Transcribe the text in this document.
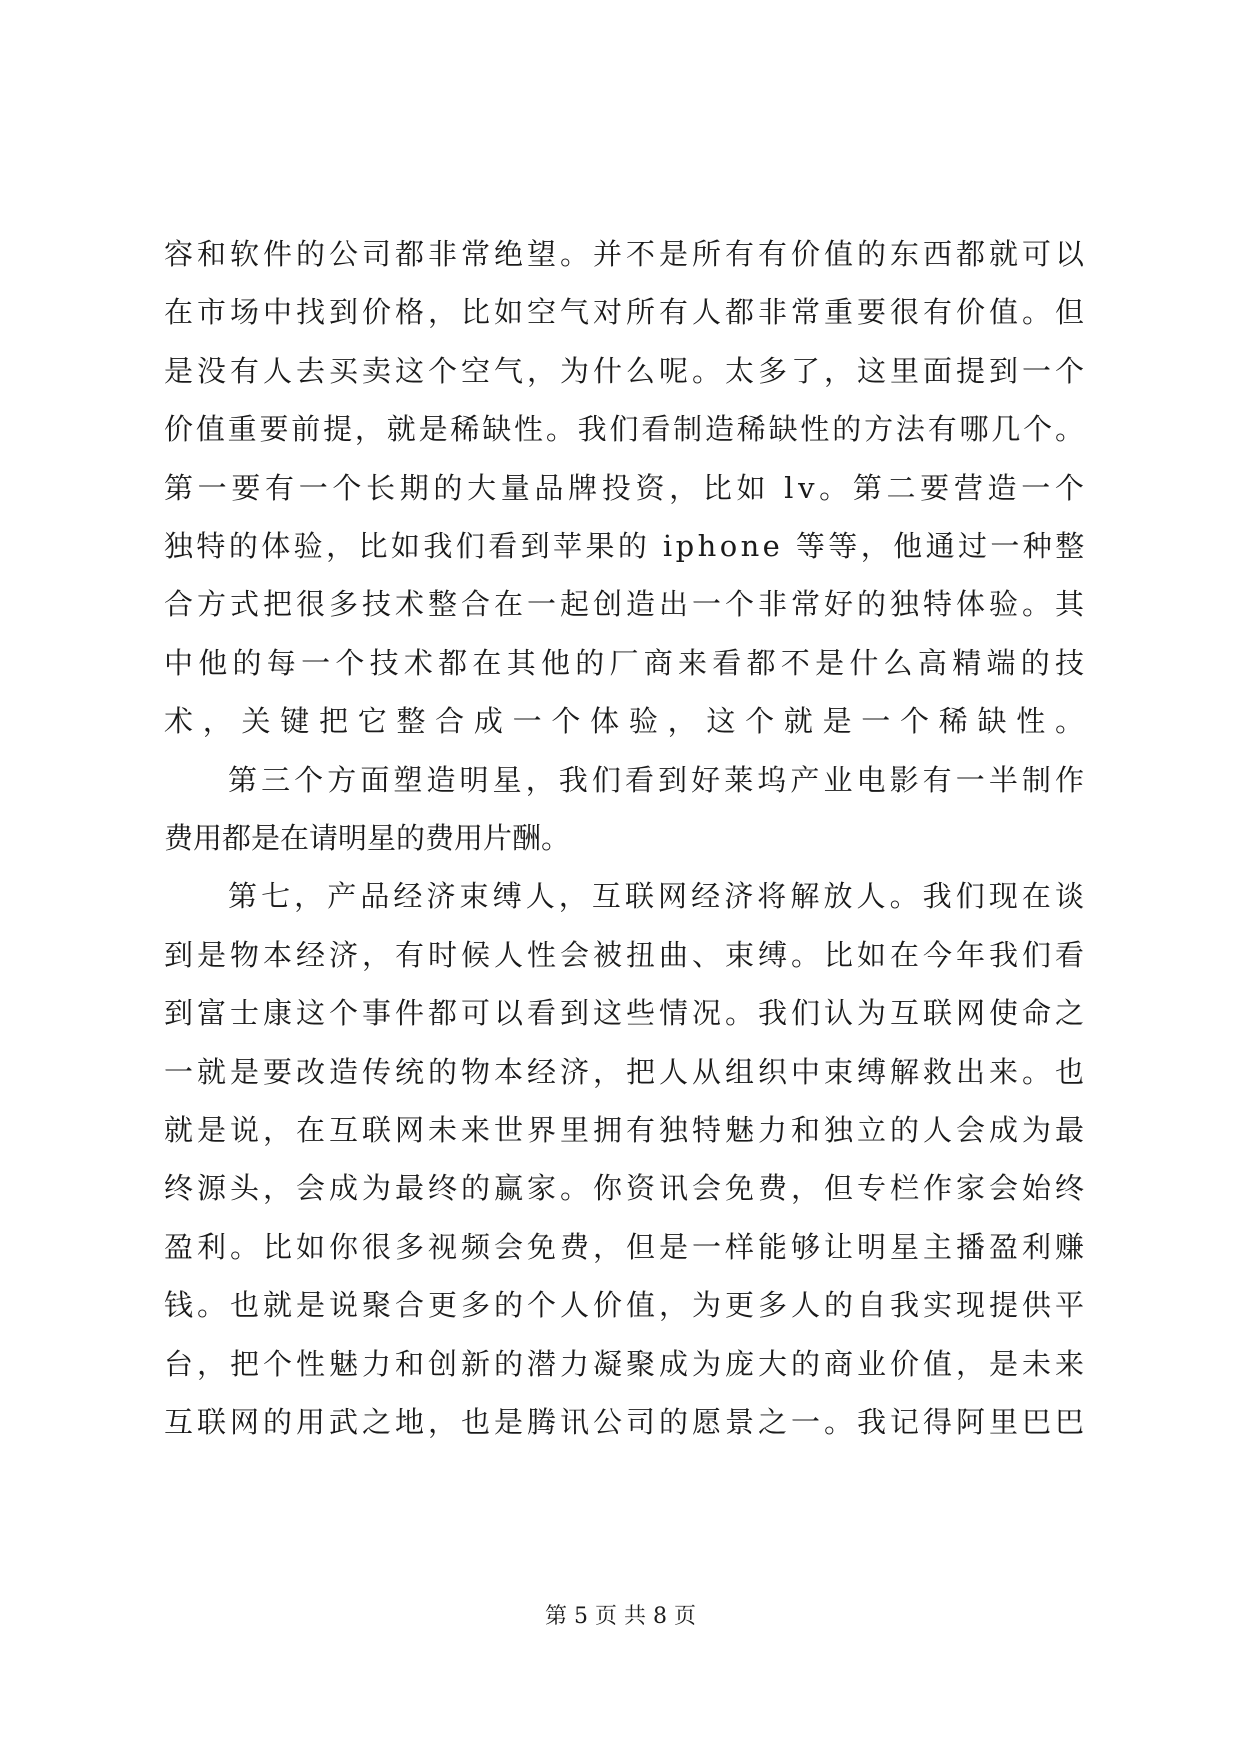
容和软件的公司都非常绝望。并不是所有有价值的东西都就可以
在市场中找到价格，比如空气对所有人都非常重要很有价值。但
是没有人去买卖这个空气，为什么呢。太多了，这里面提到一个
价值重要前提，就是稀缺性。我们看制造稀缺性的方法有哪几个。
第一要有一个长期的大量品牌投资，比如 lv。第二要营造一个
独特的体验，比如我们看到苹果的 iphone 等等，他通过一种整
合方式把很多技术整合在一起创造出一个非常好的独特体验。其
中他的每一个技术都在其他的厂商来看都不是什么高精端的技
术，关键把它整合成一个体验，这个就是一个稀缺性。
第三个方面塑造明星，我们看到好莱坞产业电影有一半制作
费用都是在请明星的费用片酬。
第七，产品经济束缚人，互联网经济将解放人。我们现在谈
到是物本经济，有时候人性会被扭曲、束缚。比如在今年我们看
到富士康这个事件都可以看到这些情况。我们认为互联网使命之
一就是要改造传统的物本经济，把人从组织中束缚解救出来。也
就是说，在互联网未来世界里拥有独特魅力和独立的人会成为最
终源头，会成为最终的赢家。你资讯会免费，但专栏作家会始终
盈利。比如你很多视频会免费，但是一样能够让明星主播盈利赚
钱。也就是说聚合更多的个人价值，为更多人的自我实现提供平
台，把个性魅力和创新的潜力凝聚成为庞大的商业价值，是未来
互联网的用武之地，也是腾讯公司的愿景之一。我记得阿里巴巴
第 5 页 共 8 页
